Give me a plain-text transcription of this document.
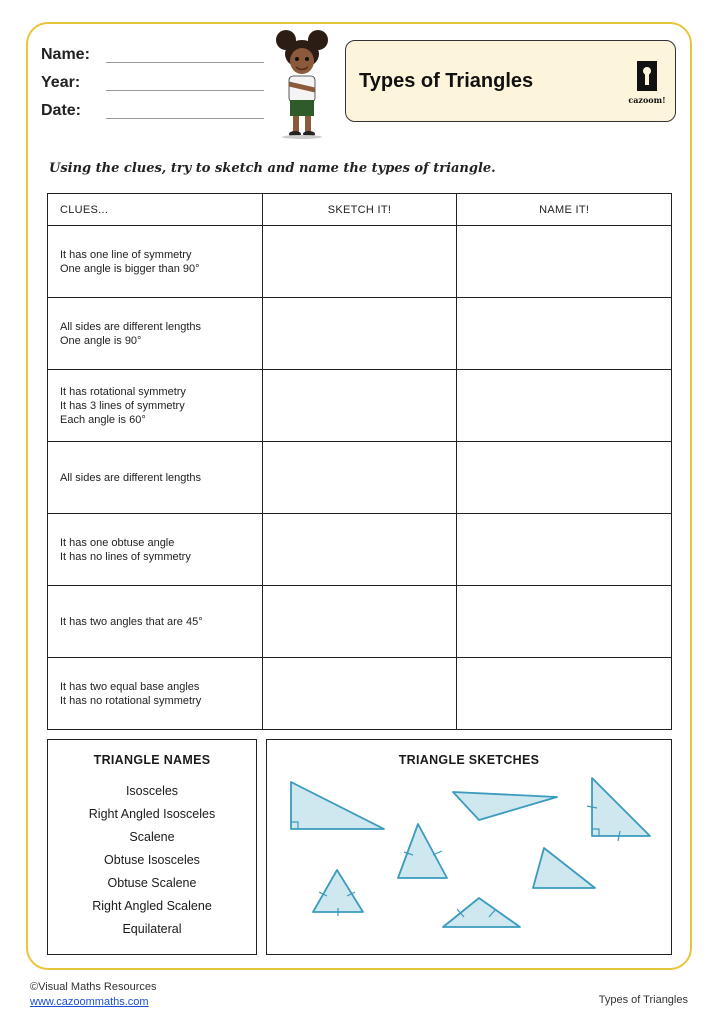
Name:
Year:
Date:
Types of Triangles
cazoom!
Using the clues, try to sketch and name the types of triangle.
CLUES...	SKETCH IT!	NAME IT!

It has one line of symmetry
One angle is bigger than 90°		

All sides are different lengths
One angle is 90°		

It has rotational symmetry
It has 3 lines of symmetry
Each angle is 60°		

All sides are different lengths		

It has one obtuse angle
It has no lines of symmetry		

It has two angles that are 45°		

It has two equal base angles
It has no rotational symmetry		

TRIANGLE NAMES
Isosceles
Right Angled Isosceles
Scalene
Obtuse Isosceles
Obtuse Scalene
Right Angled Scalene
Equilateral
TRIANGLE SKETCHES
©Visual Maths Resources
www.cazoommaths.com	Types of Triangles
